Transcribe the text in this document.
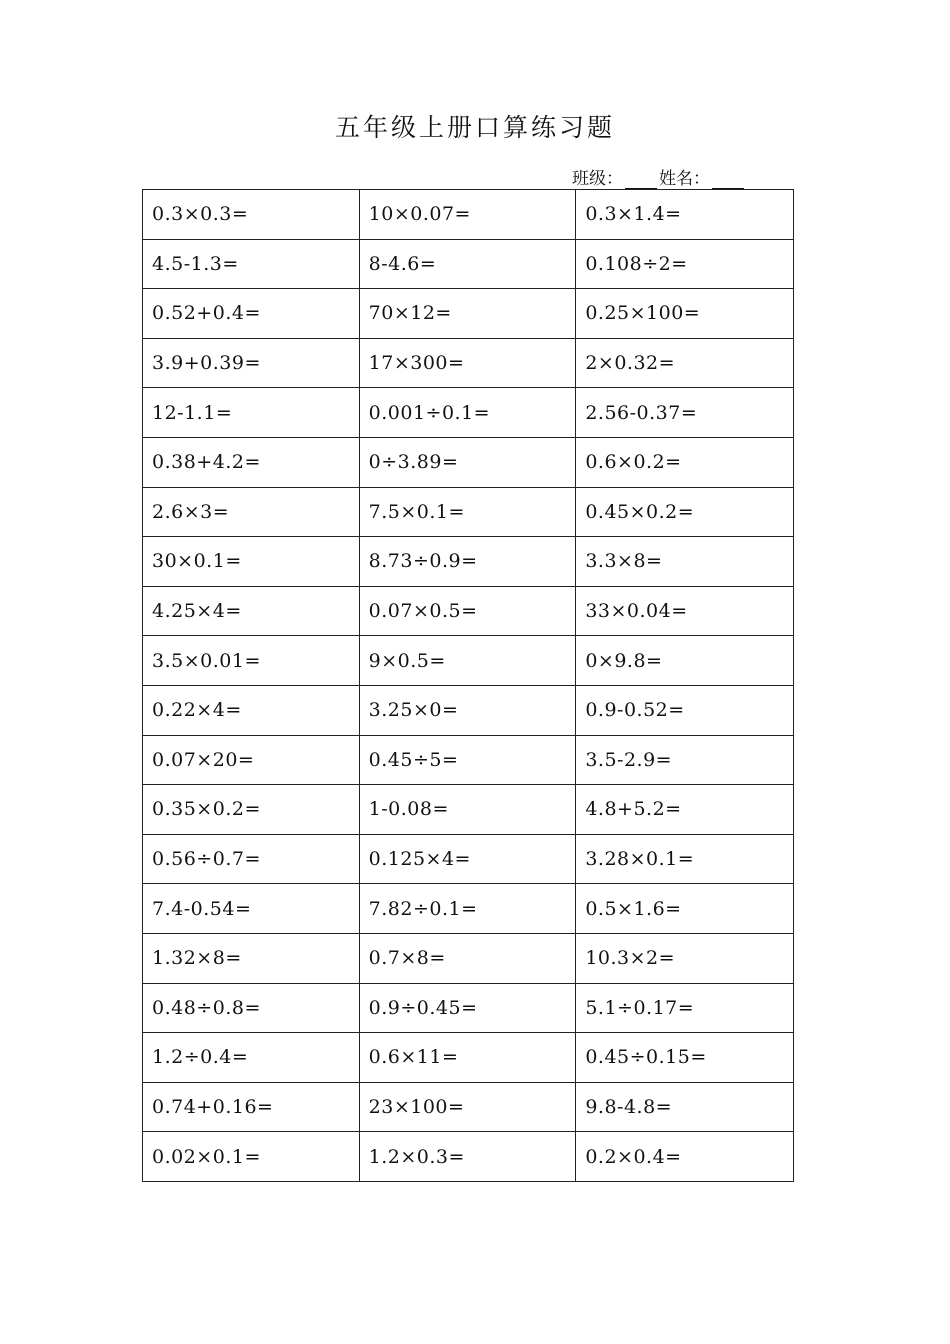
五年级上册口算练习题
班级： 姓名：
0.3×0.3=	10×0.07=	0.3×1.4=
4.5-1.3=	8-4.6=	0.108÷2=
0.52+0.4=	70×12=	0.25×100=
3.9+0.39=	17×300=	2×0.32=
12-1.1=	0.001÷0.1=	2.56-0.37=
0.38+4.2=	0÷3.89=	0.6×0.2=
2.6×3=	7.5×0.1=	0.45×0.2=
30×0.1=	8.73÷0.9=	3.3×8=
4.25×4=	0.07×0.5=	33×0.04=
3.5×0.01=	9×0.5=	0×9.8=
0.22×4=	3.25×0=	0.9-0.52=
0.07×20=	0.45÷5=	3.5-2.9=
0.35×0.2=	1-0.08=	4.8+5.2=
0.56÷0.7=	0.125×4=	3.28×0.1=
7.4-0.54=	7.82÷0.1=	0.5×1.6=
1.32×8=	0.7×8=	10.3×2=
0.48÷0.8=	0.9÷0.45=	5.1÷0.17=
1.2÷0.4=	0.6×11=	0.45÷0.15=
0.74+0.16=	23×100=	9.8-4.8=
0.02×0.1=	1.2×0.3=	0.2×0.4=
